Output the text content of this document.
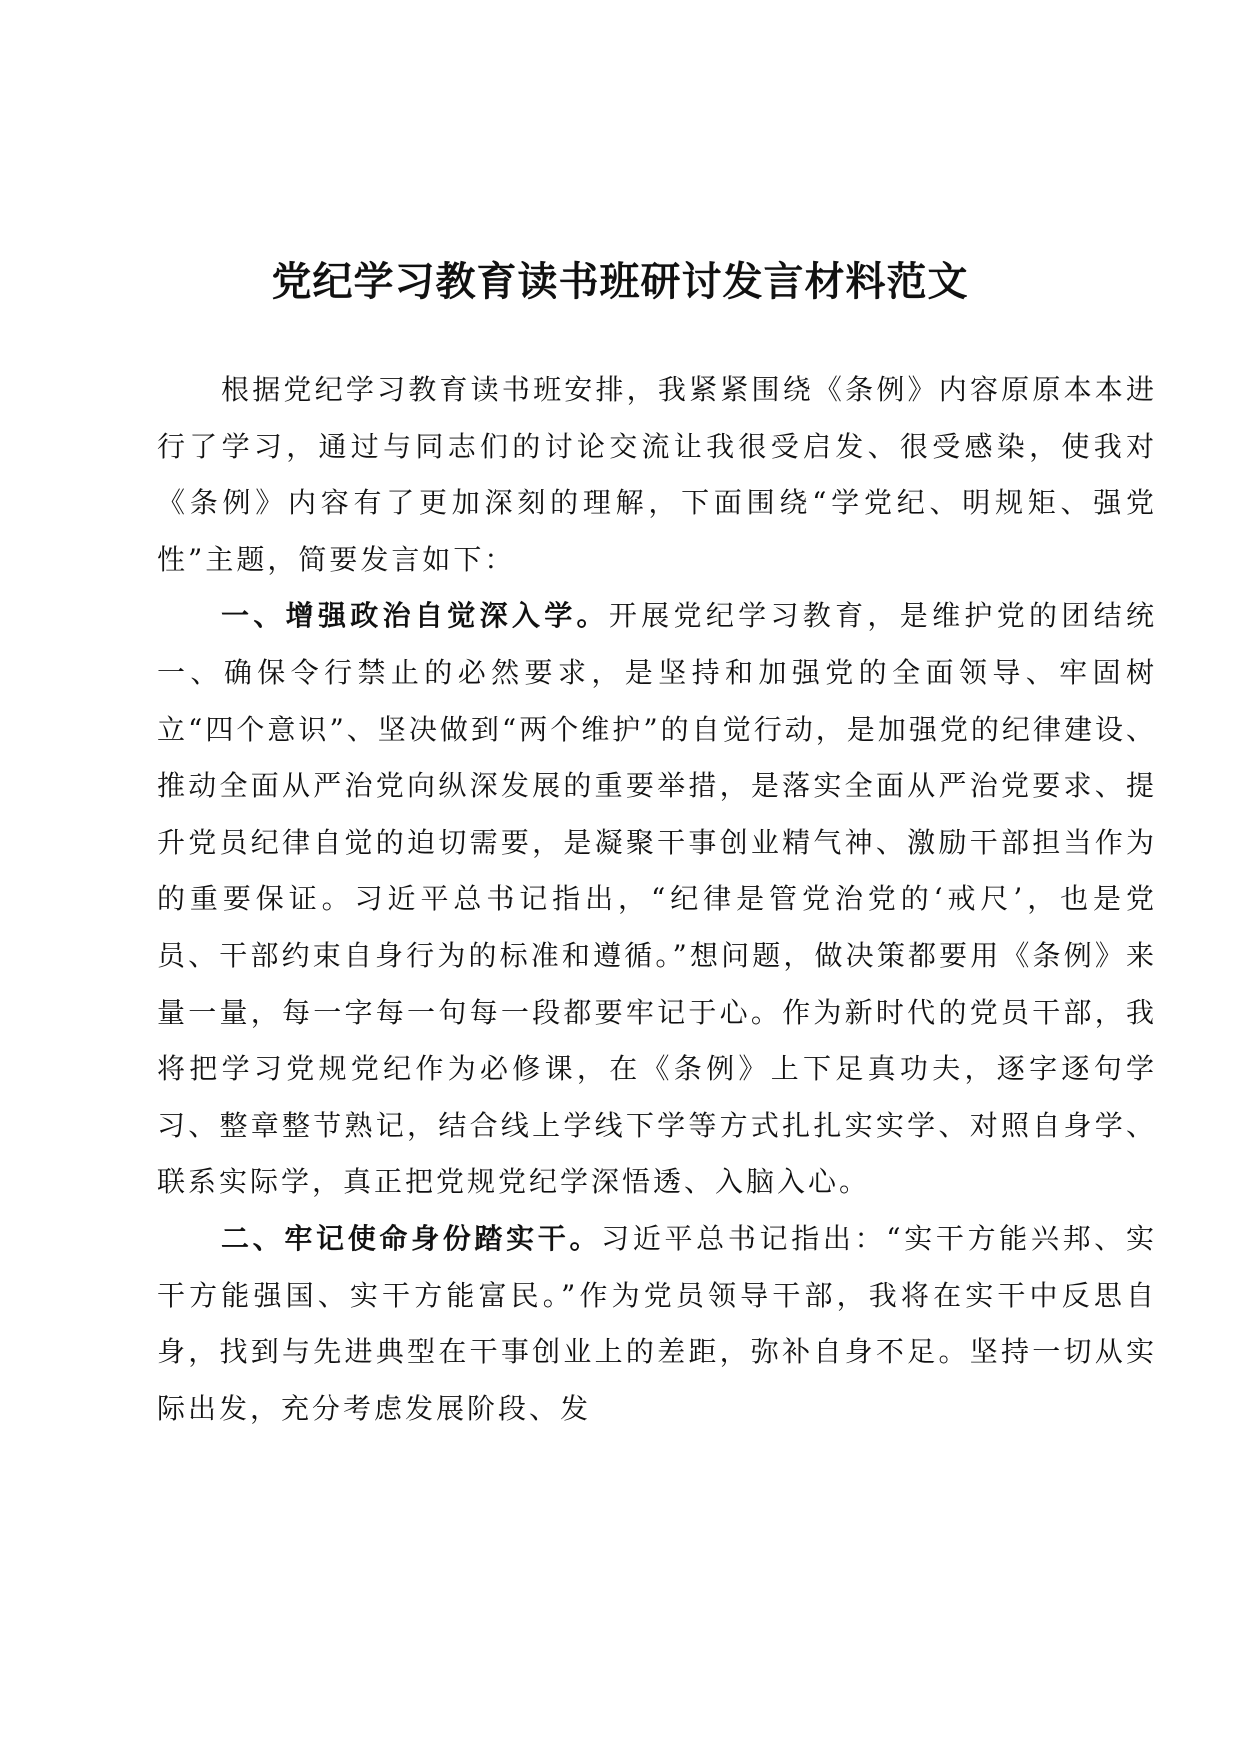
党纪学习教育读书班研讨发言材料范文

根据党纪学习教育读书班安排，我紧紧围绕《条例》内容原原本本进行了学习，通过与同志们的讨论交流让我很受启发、很受感染，使我对《条例》内容有了更加深刻的理解，下面围绕“学党纪、明规矩、强党性”主题，简要发言如下：

一、增强政治自觉深入学。开展党纪学习教育，是维护党的团结统一、确保令行禁止的必然要求，是坚持和加强党的全面领导、牢固树立“四个意识”、坚决做到“两个维护”的自觉行动，是加强党的纪律建设、推动全面从严治党向纵深发展的重要举措，是落实全面从严治党要求、提升党员纪律自觉的迫切需要，是凝聚干事创业精气神、激励干部担当作为的重要保证。习近平总书记指出，“纪律是管党治党的‘戒尺’，也是党员、干部约束自身行为的标准和遵循。”想问题，做决策都要用《条例》来量一量，每一字每一句每一段都要牢记于心。作为新时代的党员干部，我将把学习党规党纪作为必修课，在《条例》上下足真功夫，逐字逐句学习、整章整节熟记，结合线上学线下学等方式扎扎实实学、对照自身学、联系实际学，真正把党规党纪学深悟透、入脑入心。

二、牢记使命身份踏实干。习近平总书记指出：“实干方能兴邦、实干方能强国、实干方能富民。”作为党员领导干部，我将在实干中反思自身，找到与先进典型在干事创业上的差距，弥补自身不足。坚持一切从实际出发，充分考虑发展阶段、发
